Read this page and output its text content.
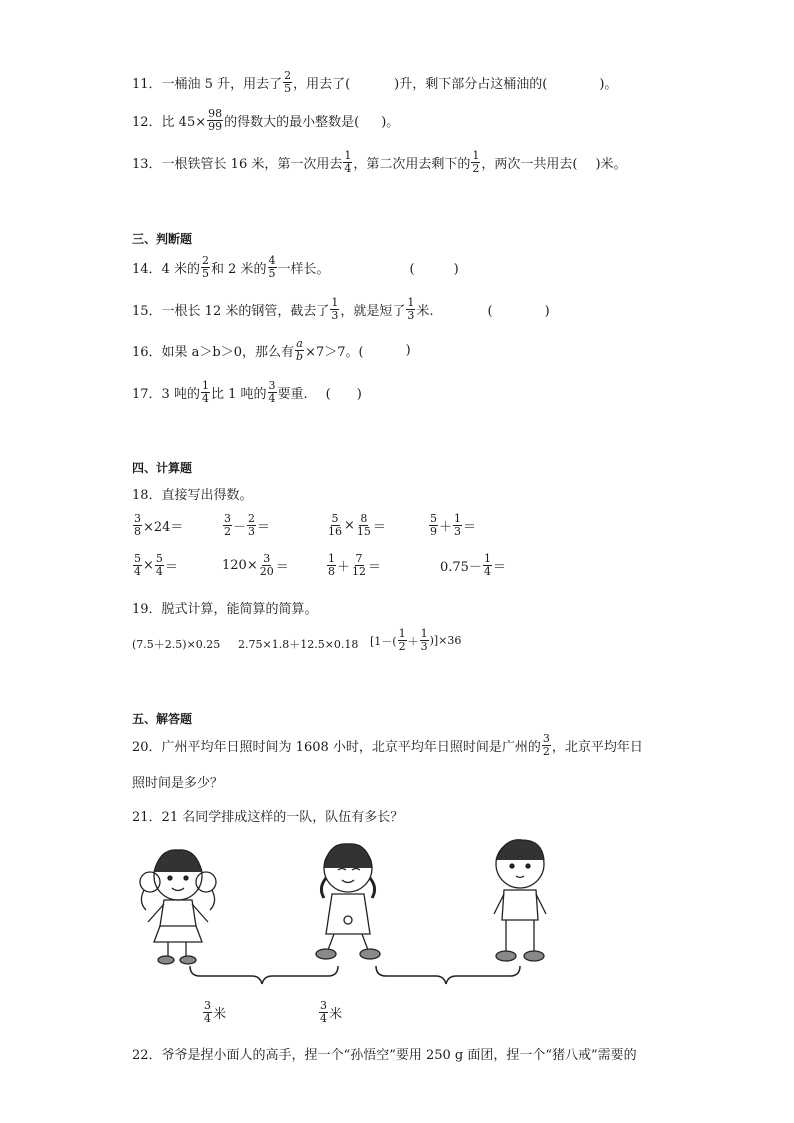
11．一桶油 5 升，用去了 $\frac{2}{5}$ ，用去了(	)升，剩下部分占这桶油的(	)。
12．比 $45\times \frac{98}{99}$ 的得数大的最小整数是( )。
13．一根铁管长 16 米，第一次用去 $\frac{1}{4}$ ，第二次用去剩下的 $\frac{1}{2}$ ，两次一共用去( )米。
三、判断题
14．4 米的 $\frac{2}{5}$ 和 2 米的 $\frac{4}{5}$ 一样长。	(　　　)
15．一根长 12 米的钢管，截去了 $\frac{1}{3}$ ，就是短了 $\frac{1}{3}$ 米.	(　　　　)
16．如果 a＞b＞0，那么有 $\frac{a}{b} \times 7>7$。(	)
17．3 吨的 $\frac{1}{4}$ 比 1 吨的 $\frac{3}{4}$ 要重. (　　)
四、计算题
18．直接写出得数。
$\frac{3}{8} \times 24=$	$\frac{3}{2} - \frac{2}{3}$ ＝	$\frac{5}{16} \times \frac{8}{15}$ ＝	$\frac{5}{9} + \frac{1}{3}$ ＝
$\frac{5}{4} \times \frac{5}{4}$ ＝	$120\times \frac{3}{20}$ ＝	$\frac{1}{8} + \frac{7}{12}$ ＝	$0.75- \frac{1}{4}$ ＝
19．脱式计算，能简算的简算。
(7.5＋2.5)×0.25 2.75×1.8＋12.5×0.18 $[1-( \frac{1}{2} + \frac{1}{3} )]\times 36$
五、解答题
20．广州平均年日照时间为 1608 小时，北京平均年日照时间是广州的 $\frac{3}{2}$ ，北京平均年日
照时间是多少？
21．21 名同学排成这样的一队，队伍有多长？
$\frac{3}{4}$ 米	$\frac{3}{4}$ 米
22．爷爷是捏小面人的高手，捏一个“孙悟空”要用 250 g 面团，捏一个“猪八戒”需要的
